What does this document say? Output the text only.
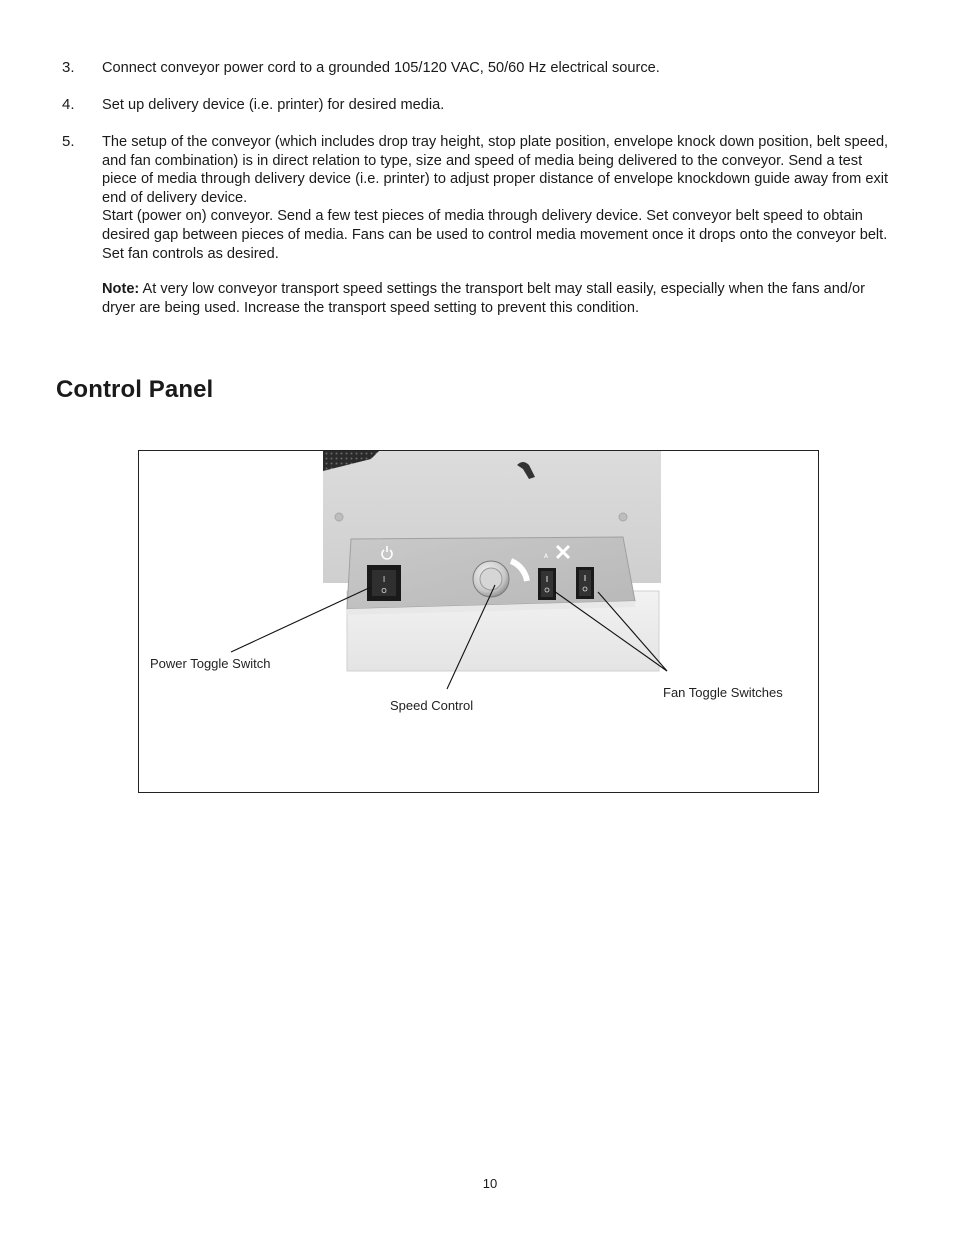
3. Connect conveyor power cord to a grounded 105/120 VAC, 50/60 Hz electrical source.
4. Set up delivery device (i.e. printer) for desired media.
5. The setup of the conveyor (which includes drop tray height, stop plate position, envelope knock down position, belt speed, and fan combination) is in direct relation to type, size and speed of media being delivered to the conveyor. Send a test piece of media through delivery device (i.e. printer) to adjust proper distance of envelope knockdown guide away from exit end of delivery device.
Start (power on) conveyor. Send a few test pieces of media through delivery device. Set conveyor belt speed to obtain desired gap between pieces of media. Fans can be used to control media movement once it drops onto the conveyor belt. Set fan controls as desired.
Note: At very low conveyor transport speed settings the transport belt may stall easily, especially when the fans and/or dryer are being used. Increase the transport speed setting to prevent this condition.
Control Panel
I
O
A
Power Toggle Switch
Speed Control
Fan Toggle Switches
10
